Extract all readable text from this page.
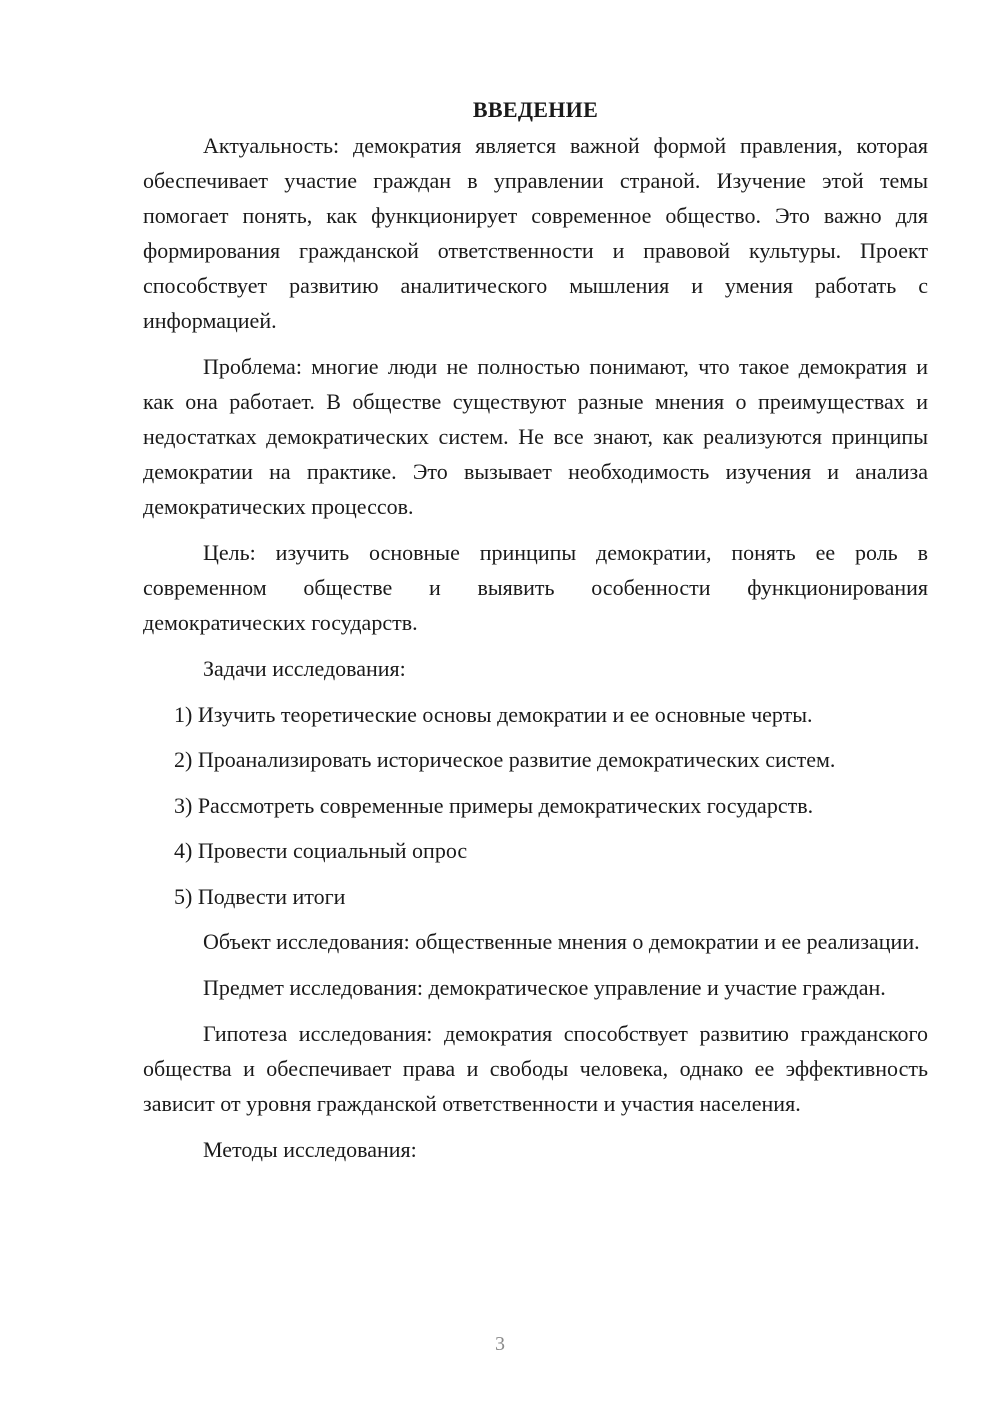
ВВЕДЕНИЕ

Актуальность: демократия является важной формой правления, которая обеспечивает участие граждан в управлении страной. Изучение этой темы помогает понять, как функционирует современное общество. Это важно для формирования гражданской ответственности и правовой культуры. Проект способствует развитию аналитического мышления и умения работать с информацией.

Проблема: многие люди не полностью понимают, что такое демократия и как она работает. В обществе существуют разные мнения о преимуществах и недостатках демократических систем. Не все знают, как реализуются принципы демократии на практике. Это вызывает необходимость изучения и анализа демократических процессов.

Цель: изучить основные принципы демократии, понять ее роль в современном обществе и выявить особенности функционирования демократических государств.

Задачи исследования:

1) Изучить теоретические основы демократии и ее основные черты.
2) Проанализировать историческое развитие демократических систем.
3) Рассмотреть современные примеры демократических государств.
4) Провести социальный опрос
5) Подвести итоги

Объект исследования: общественные мнения о демократии и ее реализации.

Предмет исследования: демократическое управление и участие граждан.

Гипотеза исследования: демократия способствует развитию гражданского общества и обеспечивает права и свободы человека, однако ее эффективность зависит от уровня гражданской ответственности и участия населения.

Методы исследования:

3
